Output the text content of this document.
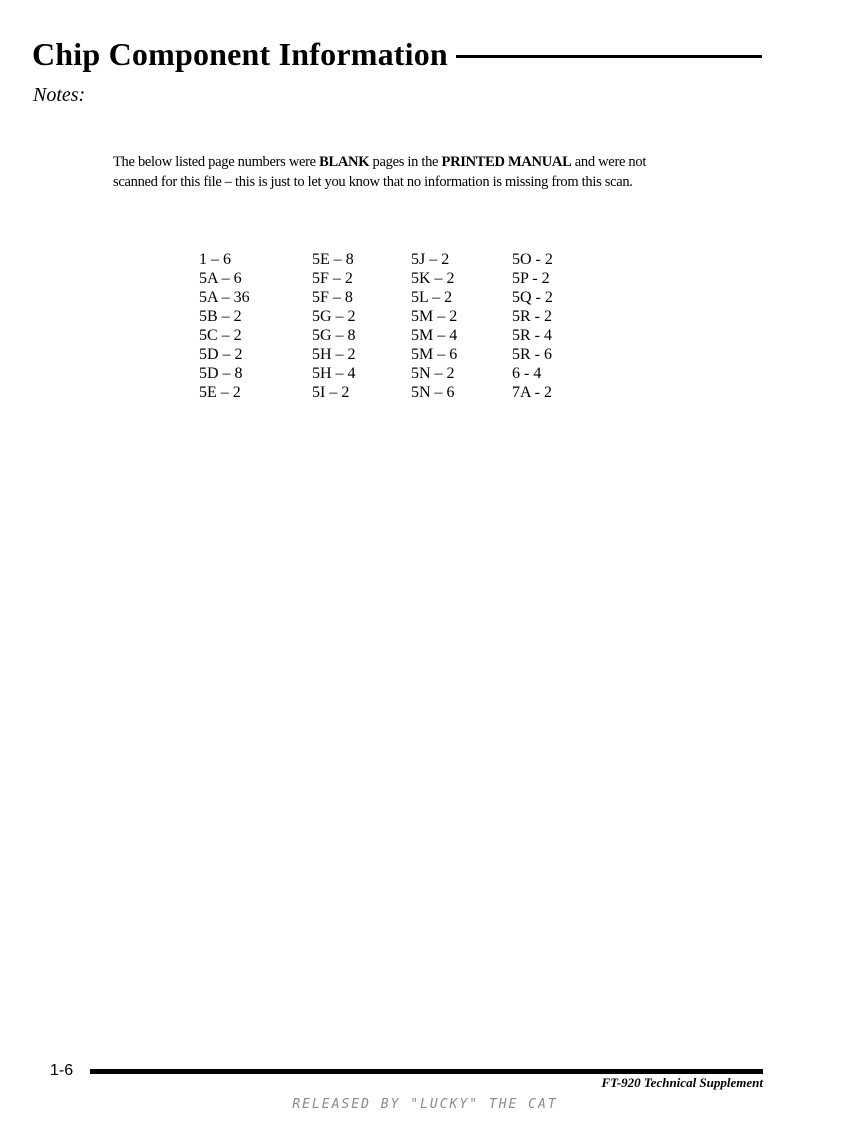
Chip Component Information
Notes:
The below listed page numbers were BLANK pages in the PRINTED MANUAL and were not scanned for this file – this is just to let you know that no information is missing from this scan.
1 – 6	5E – 8	5J – 2	5O - 2
5A – 6	5F – 2	5K – 2	5P - 2
5A – 36	5F – 8	5L – 2	5Q - 2
5B – 2	5G – 2	5M – 2	5R - 2
5C – 2	5G – 8	5M – 4	5R - 4
5D – 2	5H – 2	5M – 6	5R - 6
5D – 8	5H – 4	5N – 2	6 - 4
5E – 2	5I – 2	5N – 6	7A - 2
1-6
FT-920 Technical Supplement
RELEASED BY "LUCKY" THE CAT
